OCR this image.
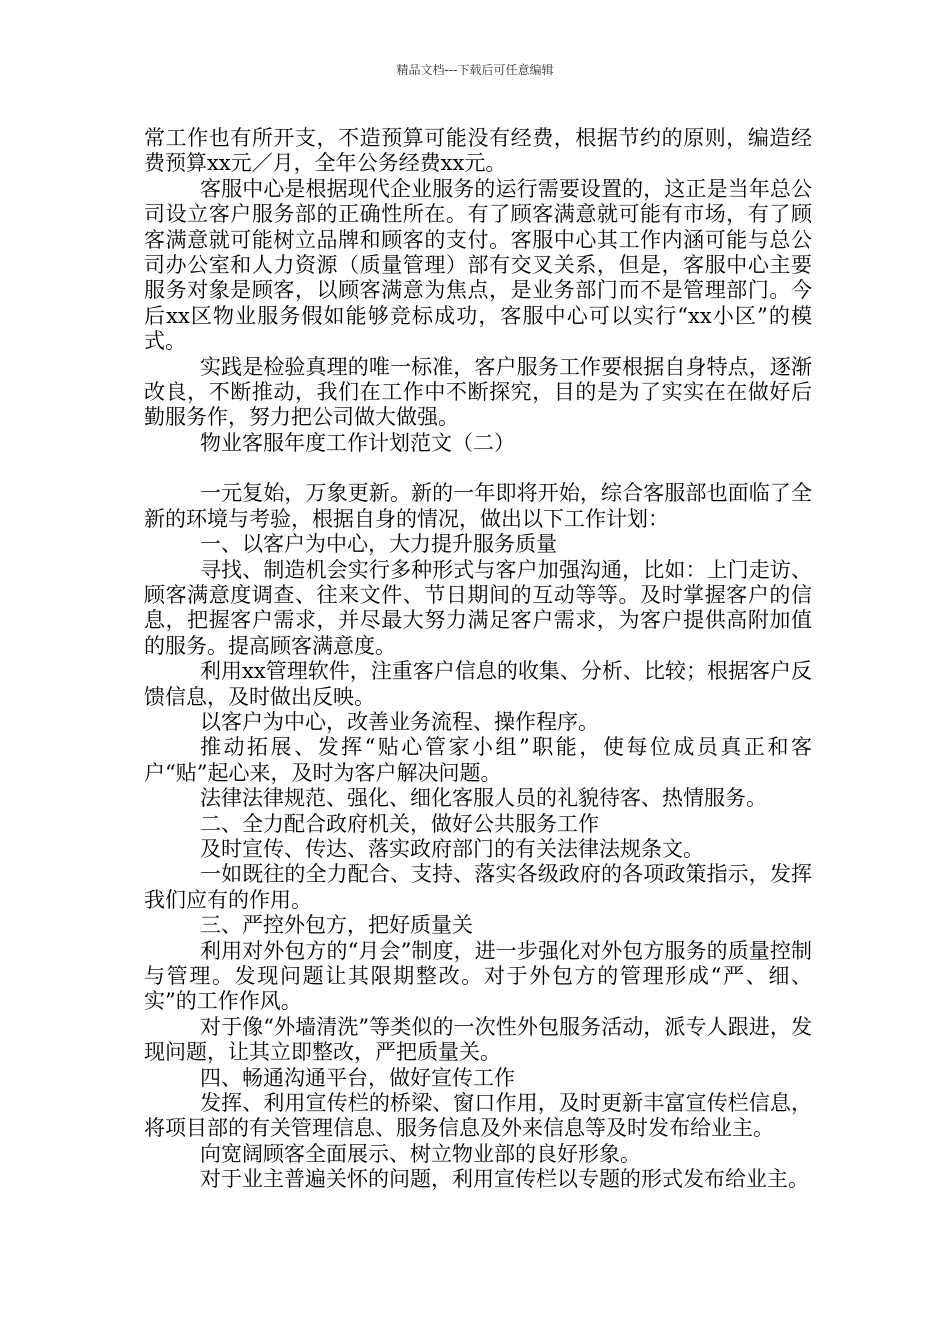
精品文档---下载后可任意编辑

常工作也有所开支，不造预算可能没有经费，根据节约的原则，编造经费预算xx元／月，全年公务经费xx元。

客服中心是根据现代企业服务的运行需要设置的，这正是当年总公司设立客户服务部的正确性所在。有了顾客满意就可能有市场，有了顾客满意就可能树立品牌和顾客的支付。客服中心其工作内涵可能与总公司办公室和人力资源（质量管理）部有交叉关系，但是，客服中心主要服务对象是顾客，以顾客满意为焦点，是业务部门而不是管理部门。今后xx区物业服务假如能够竞标成功，客服中心可以实行“xx小区”的模式。

实践是检验真理的唯一标准，客户服务工作要根据自身特点，逐渐改良，不断推动，我们在工作中不断探究，目的是为了实实在在做好后勤服务作，努力把公司做大做强。

物业客服年度工作计划范文（二）

一元复始，万象更新。新的一年即将开始，综合客服部也面临了全新的环境与考验，根据自身的情况，做出以下工作计划：

一、以客户为中心，大力提升服务质量

寻找、制造机会实行多种形式与客户加强沟通，比如：上门走访、顾客满意度调查、往来文件、节日期间的互动等等。及时掌握客户的信息，把握客户需求，并尽最大努力满足客户需求，为客户提供高附加值的服务。提高顾客满意度。

利用xx管理软件，注重客户信息的收集、分析、比较；根据客户反馈信息，及时做出反映。

以客户为中心，改善业务流程、操作程序。

推动拓展、发挥“贴心管家小组”职能，使每位成员真正和客户“贴”起心来，及时为客户解决问题。

法律法律规范、强化、细化客服人员的礼貌待客、热情服务。

二、全力配合政府机关，做好公共服务工作

及时宣传、传达、落实政府部门的有关法律法规条文。

一如既往的全力配合、支持、落实各级政府的各项政策指示，发挥我们应有的作用。

三、严控外包方，把好质量关

利用对外包方的“月会”制度，进一步强化对外包方服务的质量控制与管理。发现问题让其限期整改。对于外包方的管理形成“严、细、实”的工作作风。

对于像“外墙清洗”等类似的一次性外包服务活动，派专人跟进，发现问题，让其立即整改，严把质量关。

四、畅通沟通平台，做好宣传工作

发挥、利用宣传栏的桥梁、窗口作用，及时更新丰富宣传栏信息，将项目部的有关管理信息、服务信息及外来信息等及时发布给业主。

向宽阔顾客全面展示、树立物业部的良好形象。

对于业主普遍关怀的问题，利用宣传栏以专题的形式发布给业主。
